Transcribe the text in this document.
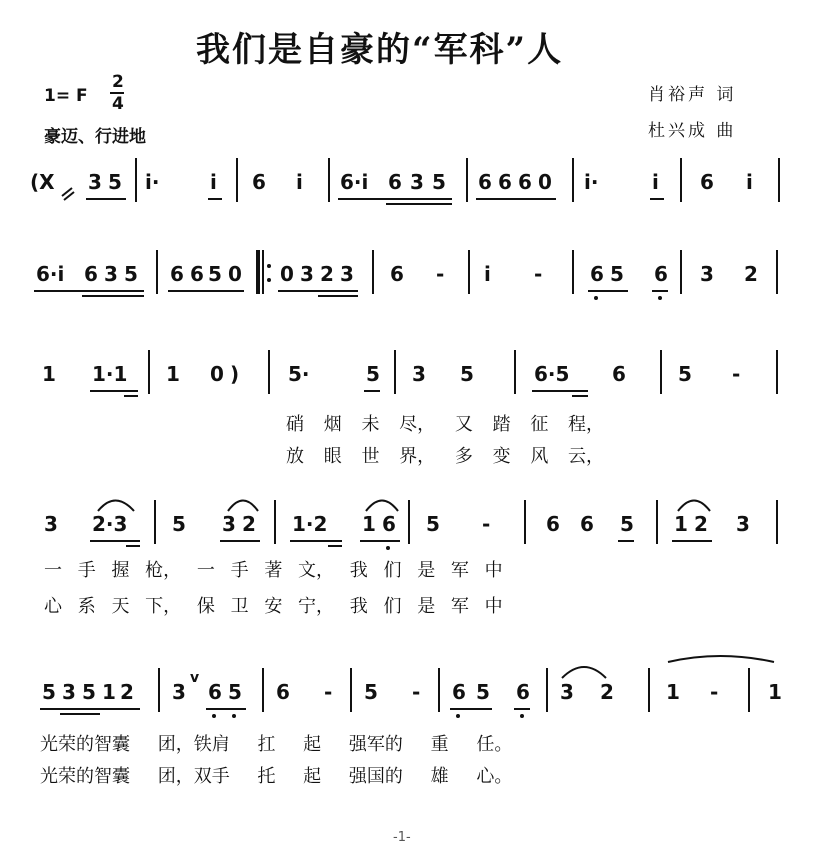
我们是自豪的“军科”人
1= F
2
4
豪迈、行进地
肖裕声 词
杜兴成 曲
(X 3 5 i·	i 6 i 6·i 6 3 5 6 6 6 0 i·	i 6 i
6·i 6 3 5 6 6 5 0 0 3 2 3 6 - i - 6 5 6 3 2
1 1·1 1 0 ) 5·	5 3 5	6·5 6	5 -
硝 烟 未 尽， 又 踏 征 程，
放 眼 世 界， 多 变 风 云，
3 2·3 5 3 2 1·2 1 6 5 -	6 6 5 1 2 3
一 手 握 枪， 一 手 著 文， 我 们 是 军 中
心 系 天 下， 保 卫 安 宁， 我 们 是 军 中
5 3 5 1 2 3
v
6 5 6 - 5 - 6 5 6 3 2	1 - 1
光荣的智囊 团，铁肩 扛 起 强军的 重 任。
光荣的智囊 团，双手 托 起 强国的 雄 心。
-1-
